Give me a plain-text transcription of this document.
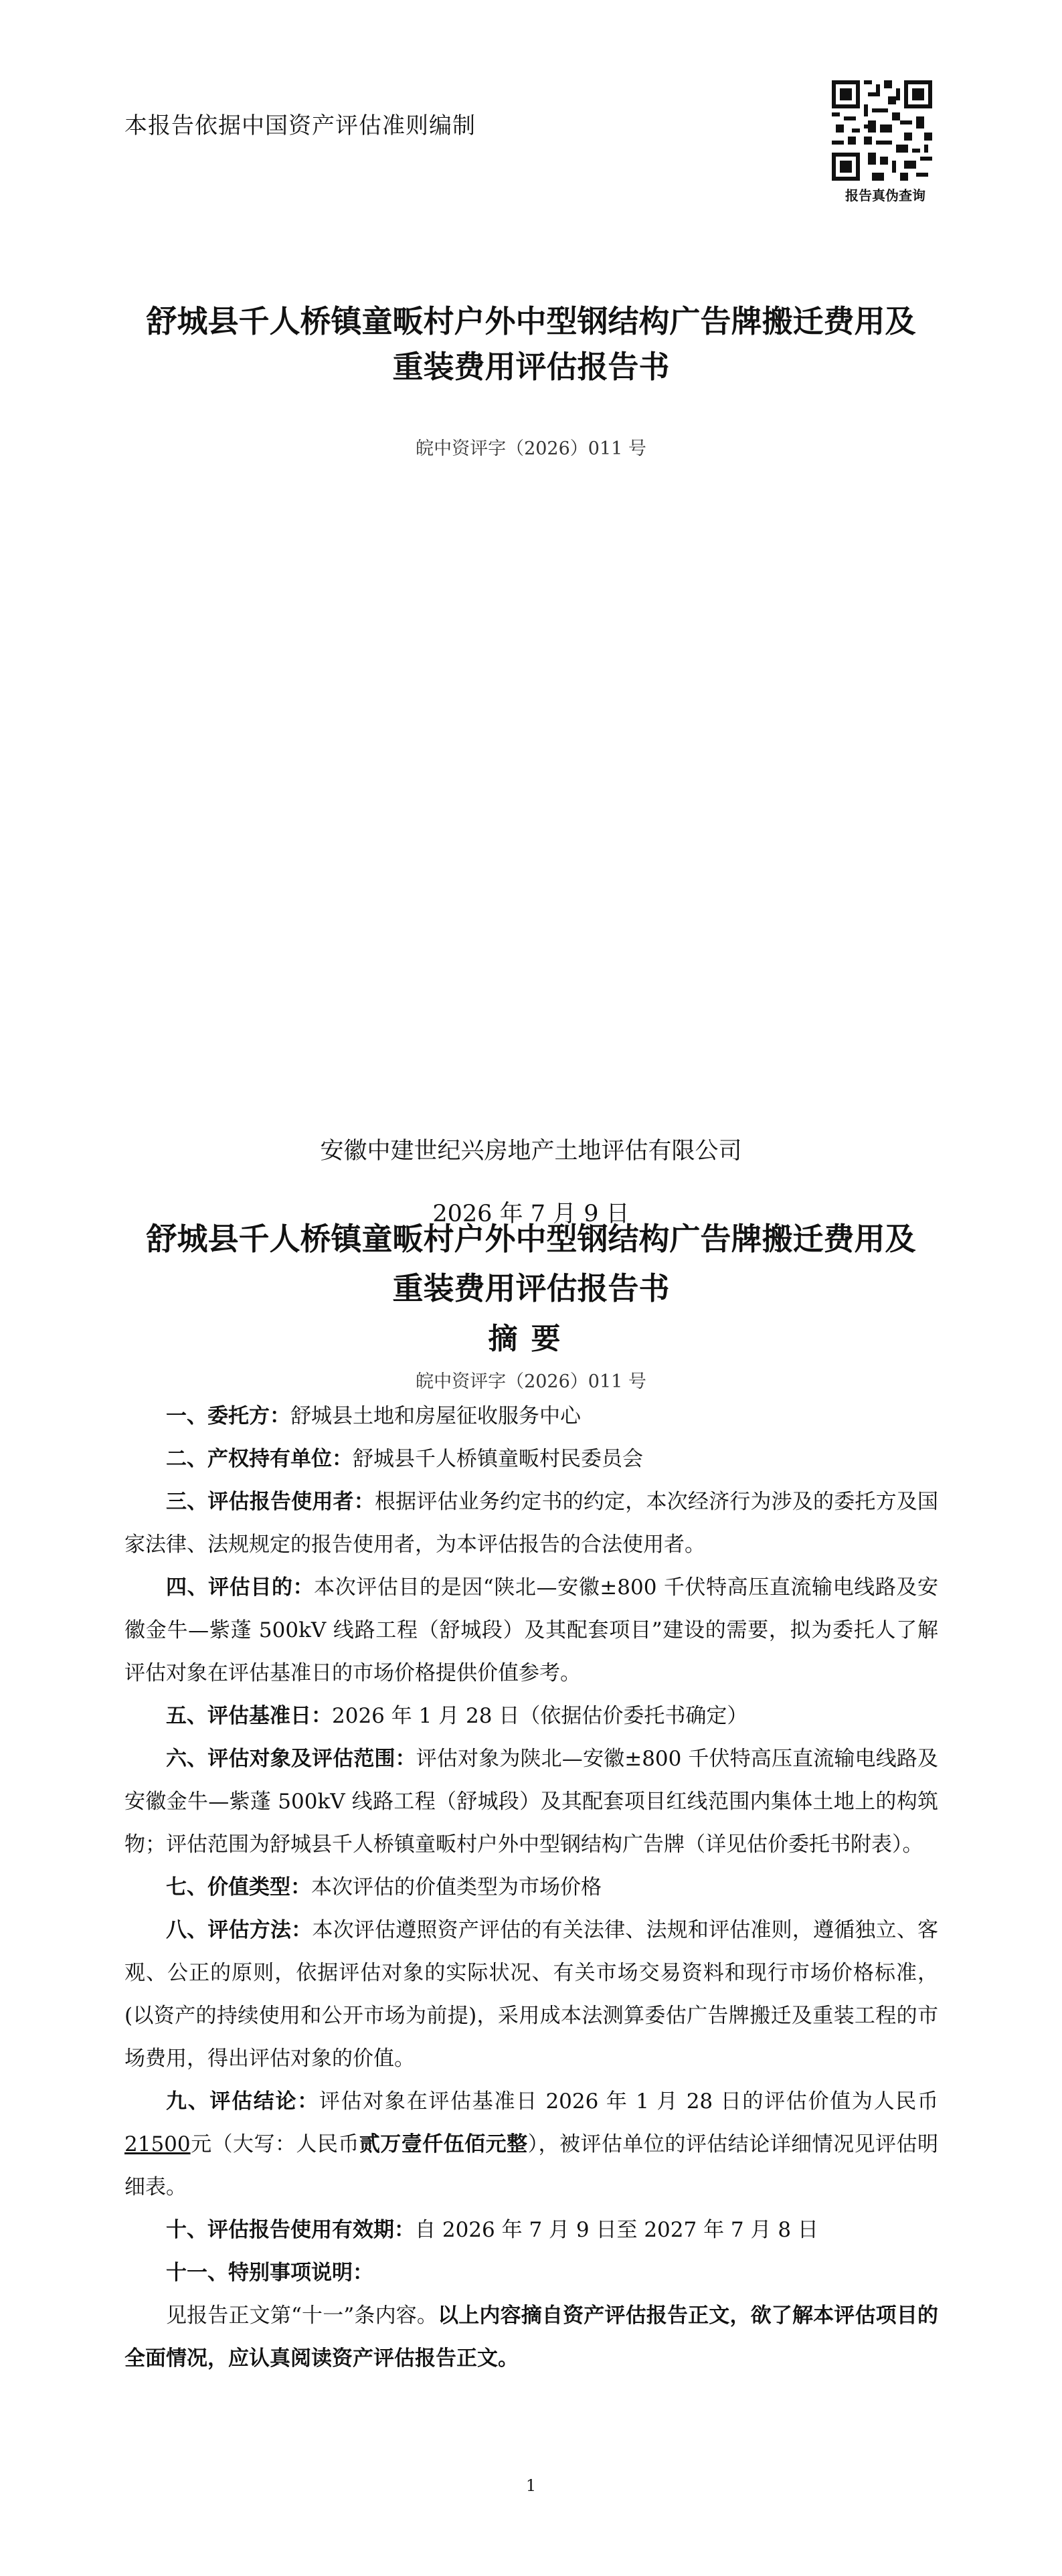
本报告依据中国资产评估准则编制
报告真伪查询
舒城县千人桥镇童畈村户外中型钢结构广告牌搬迁费用及
重装费用评估报告书
皖中资评字（2026）011 号
安徽中建世纪兴房地产土地评估有限公司
2026 年 7 月 9 日
舒城县千人桥镇童畈村户外中型钢结构广告牌搬迁费用及
重装费用评估报告书
摘要
皖中资评字（2026）011 号

一、委托方：舒城县土地和房屋征收服务中心

二、产权持有单位：舒城县千人桥镇童畈村民委员会

三、评估报告使用者：根据评估业务约定书的约定，本次经济行为涉及的委托方及国家法律、法规规定的报告使用者，为本评估报告的合法使用者。

四、评估目的：本次评估目的是因“陕北—安徽±800 千伏特高压直流输电线路及安徽金牛—紫蓬 500kV 线路工程（舒城段）及其配套项目”建设的需要，拟为委托人了解评估对象在评估基准日的市场价格提供价值参考。

五、评估基准日：2026 年 1 月 28 日（依据估价委托书确定）

六、评估对象及评估范围：评估对象为陕北—安徽±800 千伏特高压直流输电线路及安徽金牛—紫蓬 500kV 线路工程（舒城段）及其配套项目红线范围内集体土地上的构筑物；评估范围为舒城县千人桥镇童畈村户外中型钢结构广告牌（详见估价委托书附表）。

七、价值类型：本次评估的价值类型为市场价格

八、评估方法：本次评估遵照资产评估的有关法律、法规和评估准则，遵循独立、客观、公正的原则，依据评估对象的实际状况、有关市场交易资料和现行市场价格标准，(以资产的持续使用和公开市场为前提)，采用成本法测算委估广告牌搬迁及重装工程的市场费用，得出评估对象的价值。

九、评估结论：评估对象在评估基准日 2026 年 1 月 28 日的评估价值为人民币 21500元（大写：人民币贰万壹仟伍佰元整），被评估单位的评估结论详细情况见评估明细表。

十、评估报告使用有效期：自 2026 年 7 月 9 日至 2027 年 7 月 8 日

十一、特别事项说明：

见报告正文第“十一”条内容。以上内容摘自资产评估报告正文，欲了解本评估项目的全面情况，应认真阅读资产评估报告正文。

1
